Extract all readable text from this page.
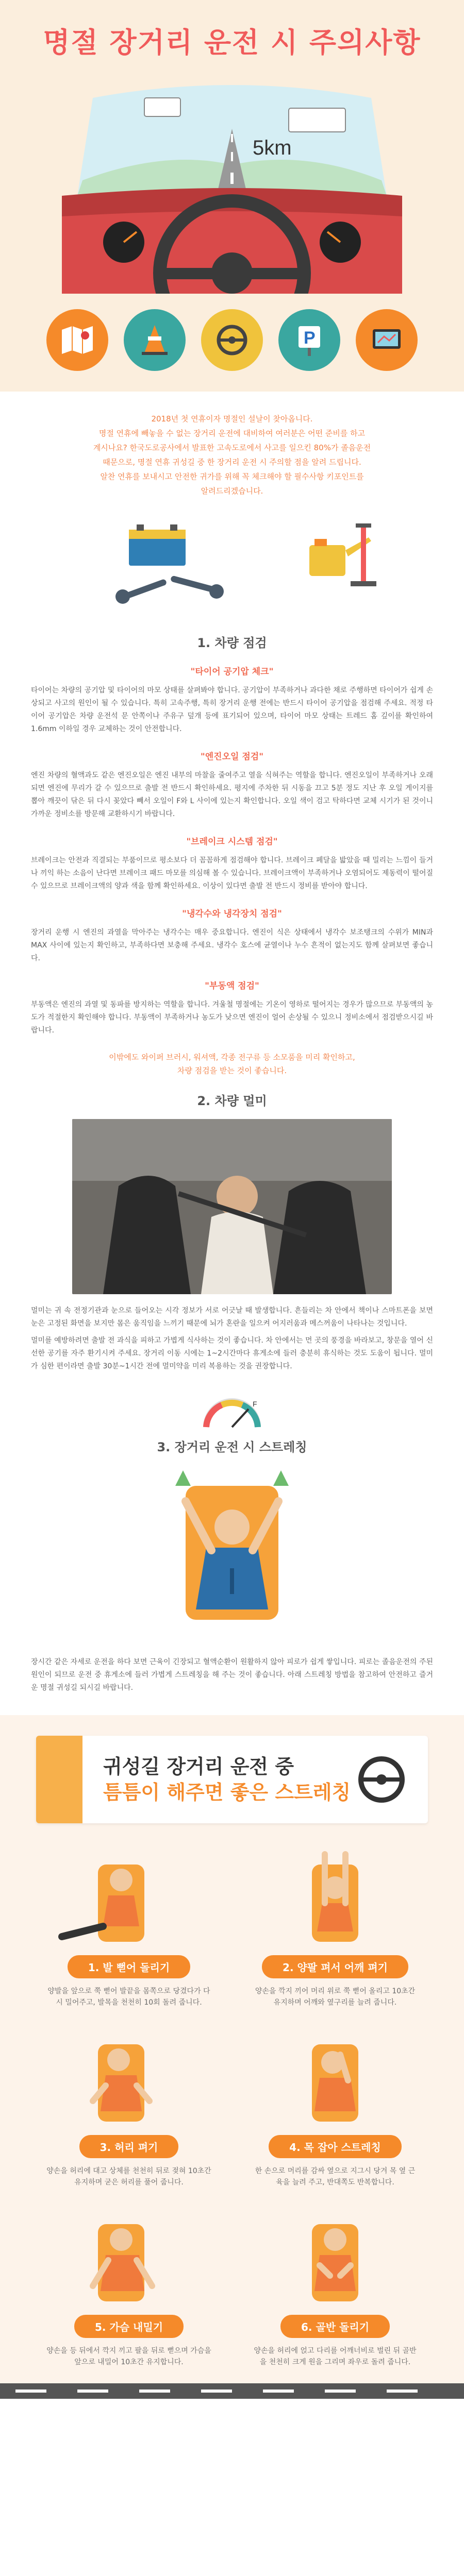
명절 장거리 운전 시 주의사항
5km
P

2018년 첫 연휴이자 명절인 설날이 찾아옵니다.

명절 연휴에 빼놓을 수 없는 장거리 운전에 대비하여 여러분은 어떤 준비를 하고

계시나요? 한국도로공사에서 발표한 고속도로에서 사고를 일으킨 80%가 졸음운전

때문으로, 명절 연휴 귀성길 중 한 장거리 운전 시 주의할 점을 알려 드립니다.

알찬 연휴를 보내시고 안전한 귀가를 위해 꼭 체크해야 할 필수사항 키포인트를

알려드리겠습니다.

1. 차량 점검
"타이어 공기압 체크"

타이어는 차량의 공기압 및 타이어의 마모 상태를 살펴봐야 합니다. 공기압이 부족하거나 과다한 채로 주행하면 타이어가 쉽게 손상되고 사고의 원인이 될 수 있습니다. 특히 고속주행, 특히 장거리 운행 전에는 반드시 타이어 공기압을 점검해 주세요. 적정 타이어 공기압은 차량 운전석 문 안쪽이나 주유구 덮개 등에 표기되어 있으며, 타이어 마모 상태는 트레드 홈 깊이를 확인하여 1.6mm 이하일 경우 교체하는 것이 안전합니다.

"엔진오일 점검"

엔진 차량의 혈액과도 같은 엔진오일은 엔진 내부의 마찰을 줄여주고 열을 식혀주는 역할을 합니다. 엔진오일이 부족하거나 오래되면 엔진에 무리가 갈 수 있으므로 출발 전 반드시 확인하세요. 평지에 주차한 뒤 시동을 끄고 5분 정도 지난 후 오일 게이지를 뽑아 깨끗이 닦은 뒤 다시 꽂았다 빼서 오일이 F와 L 사이에 있는지 확인합니다. 오일 색이 검고 탁하다면 교체 시기가 된 것이니 가까운 정비소를 방문해 교환하시기 바랍니다.

"브레이크 시스템 점검"

브레이크는 안전과 직결되는 부품이므로 평소보다 더 꼼꼼하게 점검해야 합니다. 브레이크 페달을 밟았을 때 밀리는 느낌이 들거나 끼익 하는 소음이 난다면 브레이크 패드 마모를 의심해 볼 수 있습니다. 브레이크액이 부족하거나 오염되어도 제동력이 떨어질 수 있으므로 브레이크액의 양과 색을 함께 확인하세요. 이상이 있다면 출발 전 반드시 정비를 받아야 합니다.

"냉각수와 냉각장치 점검"

장거리 운행 시 엔진의 과열을 막아주는 냉각수는 매우 중요합니다. 엔진이 식은 상태에서 냉각수 보조탱크의 수위가 MIN과 MAX 사이에 있는지 확인하고, 부족하다면 보충해 주세요. 냉각수 호스에 균열이나 누수 흔적이 없는지도 함께 살펴보면 좋습니다.

"부동액 점검"

부동액은 엔진의 과열 및 동파를 방지하는 역할을 합니다. 겨울철 명절에는 기온이 영하로 떨어지는 경우가 많으므로 부동액의 농도가 적절한지 확인해야 합니다. 부동액이 부족하거나 농도가 낮으면 엔진이 얼어 손상될 수 있으니 정비소에서 점검받으시길 바랍니다.

이밖에도 와이퍼 브러시, 워셔액, 각종 전구류 등 소모품을 미리 확인하고,

차량 점검을 받는 것이 좋습니다.

2. 차량 멀미

멀미는 귀 속 전정기관과 눈으로 들어오는 시각 정보가 서로 어긋날 때 발생합니다. 흔들리는 차 안에서 책이나 스마트폰을 보면 눈은 고정된 화면을 보지만 몸은 움직임을 느끼기 때문에 뇌가 혼란을 일으켜 어지러움과 메스꺼움이 나타나는 것입니다.

멀미를 예방하려면 출발 전 과식을 피하고 가볍게 식사하는 것이 좋습니다. 차 안에서는 먼 곳의 풍경을 바라보고, 창문을 열어 신선한 공기를 자주 환기시켜 주세요. 장거리 이동 시에는 1~2시간마다 휴게소에 들러 충분히 휴식하는 것도 도움이 됩니다. 멀미가 심한 편이라면 출발 30분~1시간 전에 멀미약을 미리 복용하는 것을 권장합니다.

F
3. 장거리 운전 시 스트레칭

장시간 같은 자세로 운전을 하다 보면 근육이 긴장되고 혈액순환이 원활하지 않아 피로가 쉽게 쌓입니다. 피로는 졸음운전의 주된 원인이 되므로 운전 중 휴게소에 들러 가볍게 스트레칭을 해 주는 것이 좋습니다. 아래 스트레칭 방법을 참고하여 안전하고 즐거운 명절 귀성길 되시길 바랍니다.

귀성길 장거리 운전 중
틈틈이 해주면 좋은 스트레칭
1. 발 뻗어 돌리기

양발을 앞으로 쭉 뻗어 발끝을 몸쪽으로 당겼다가 다시 밀어주고, 발목을 천천히 10회 돌려 줍니다.

2. 양팔 펴서 어깨 펴기

양손을 깍지 끼어 머리 위로 쭉 뻗어 올리고 10초간 유지하며 어깨와 옆구리를 늘려 줍니다.

3. 허리 펴기

양손을 허리에 대고 상체를 천천히 뒤로 젖혀 10초간 유지하며 굳은 허리를 풀어 줍니다.

4. 목 잡아 스트레칭

한 손으로 머리를 감싸 옆으로 지그시 당겨 목 옆 근육을 늘려 주고, 반대쪽도 반복합니다.

5. 가슴 내밀기

양손을 등 뒤에서 깍지 끼고 팔을 뒤로 뻗으며 가슴을 앞으로 내밀어 10초간 유지합니다.

6. 골반 돌리기

양손을 허리에 얹고 다리를 어깨너비로 벌린 뒤 골반을 천천히 크게 원을 그리며 좌우로 돌려 줍니다.
